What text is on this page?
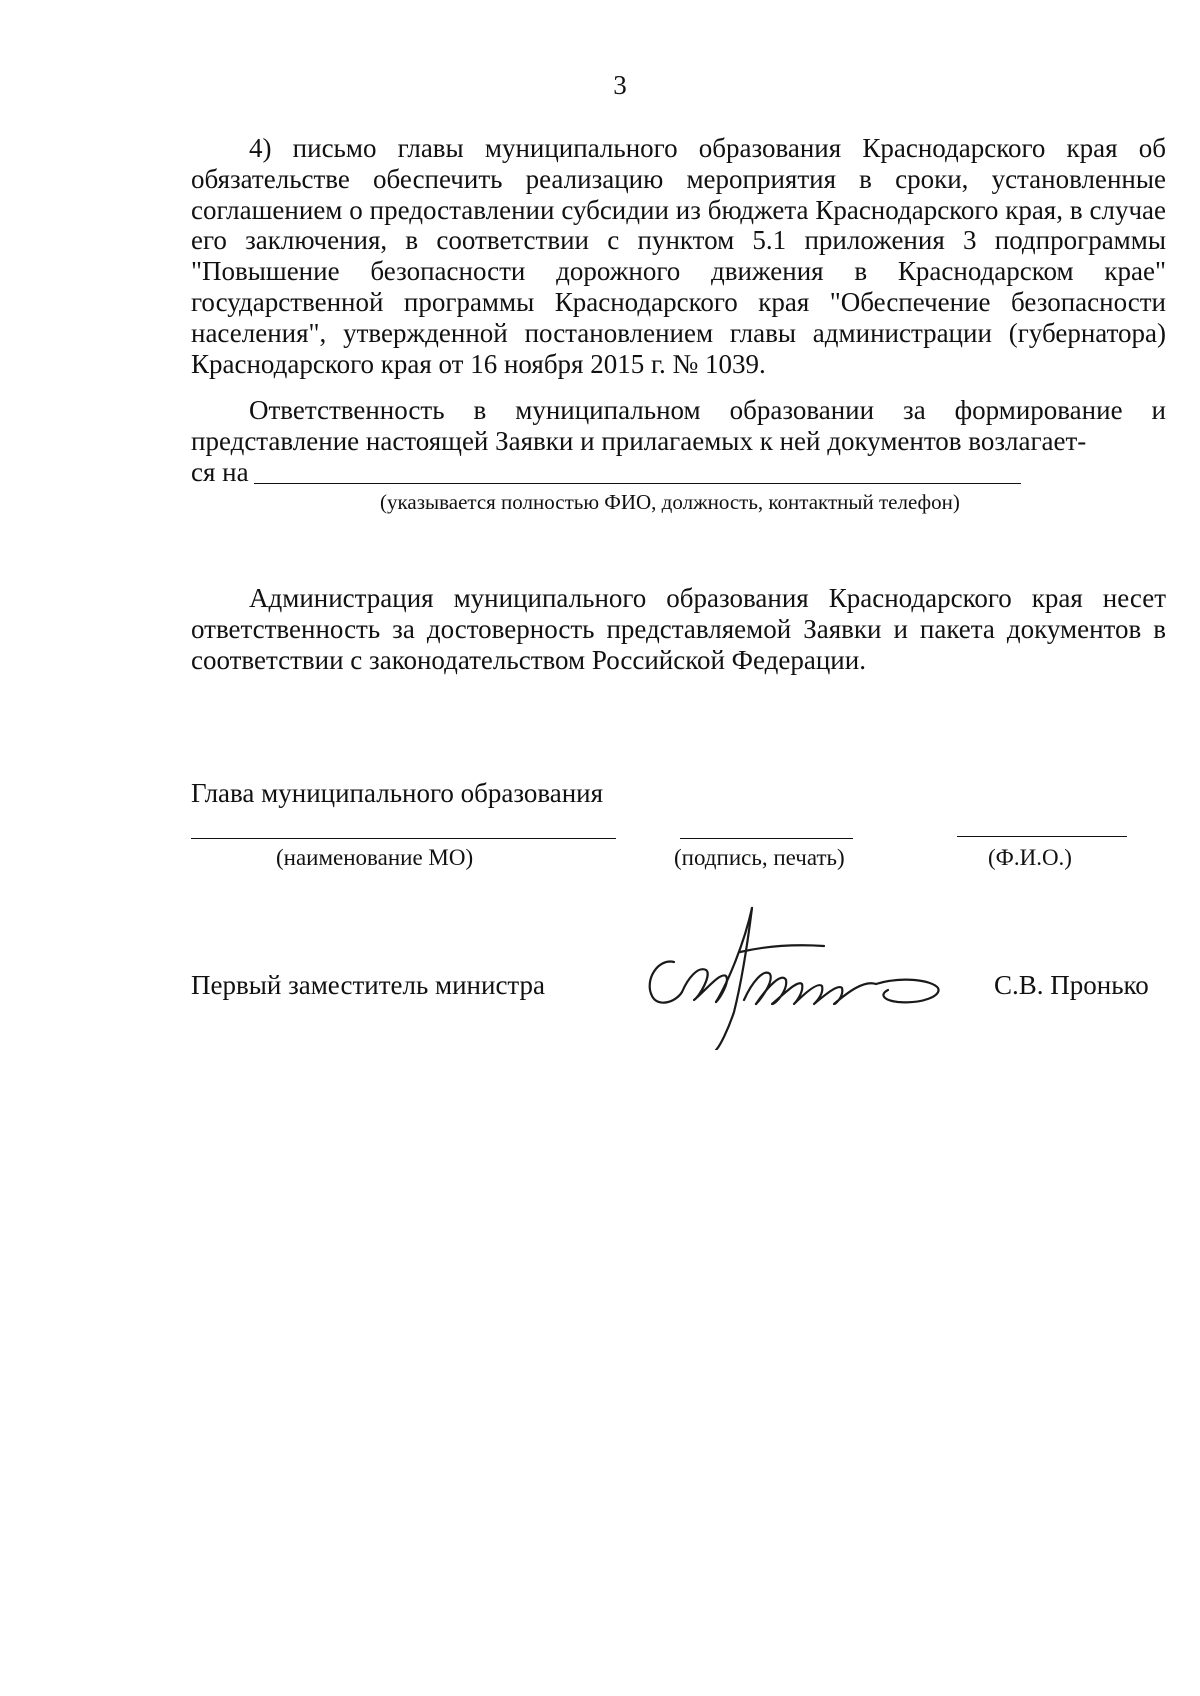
3

4) письмо главы муниципального образования Краснодарского края об обязательстве обеспечить реализацию мероприятия в сроки, установленные соглашением о предоставлении субсидии из бюджета Краснодарского края, в случае его заключения, в соответствии с пунктом 5.1 приложения 3 подпрограммы "Повышение безопасности дорожного движения в Краснодарском крае" государственной программы Краснодарского края "Обеспечение безопасности населения", утвержденной постановлением главы администрации (губернатора) Краснодарского края от 16 ноября 2015 г. № 1039.

Ответственность в муниципальном образовании за формирование и представление настоящей Заявки и прилагаемых к ней документов возлагает-

ся на
(указывается полностью ФИО, должность, контактный телефон)

Администрация муниципального образования Краснодарского края несет ответственность за достоверность представляемой Заявки и пакета документов в соответствии с законодательством Российской Федерации.

Глава муниципального образования
(наименование МО)	(подпись, печать)	(Ф.И.О.)
Первый заместитель министра	С.В. Пронько
